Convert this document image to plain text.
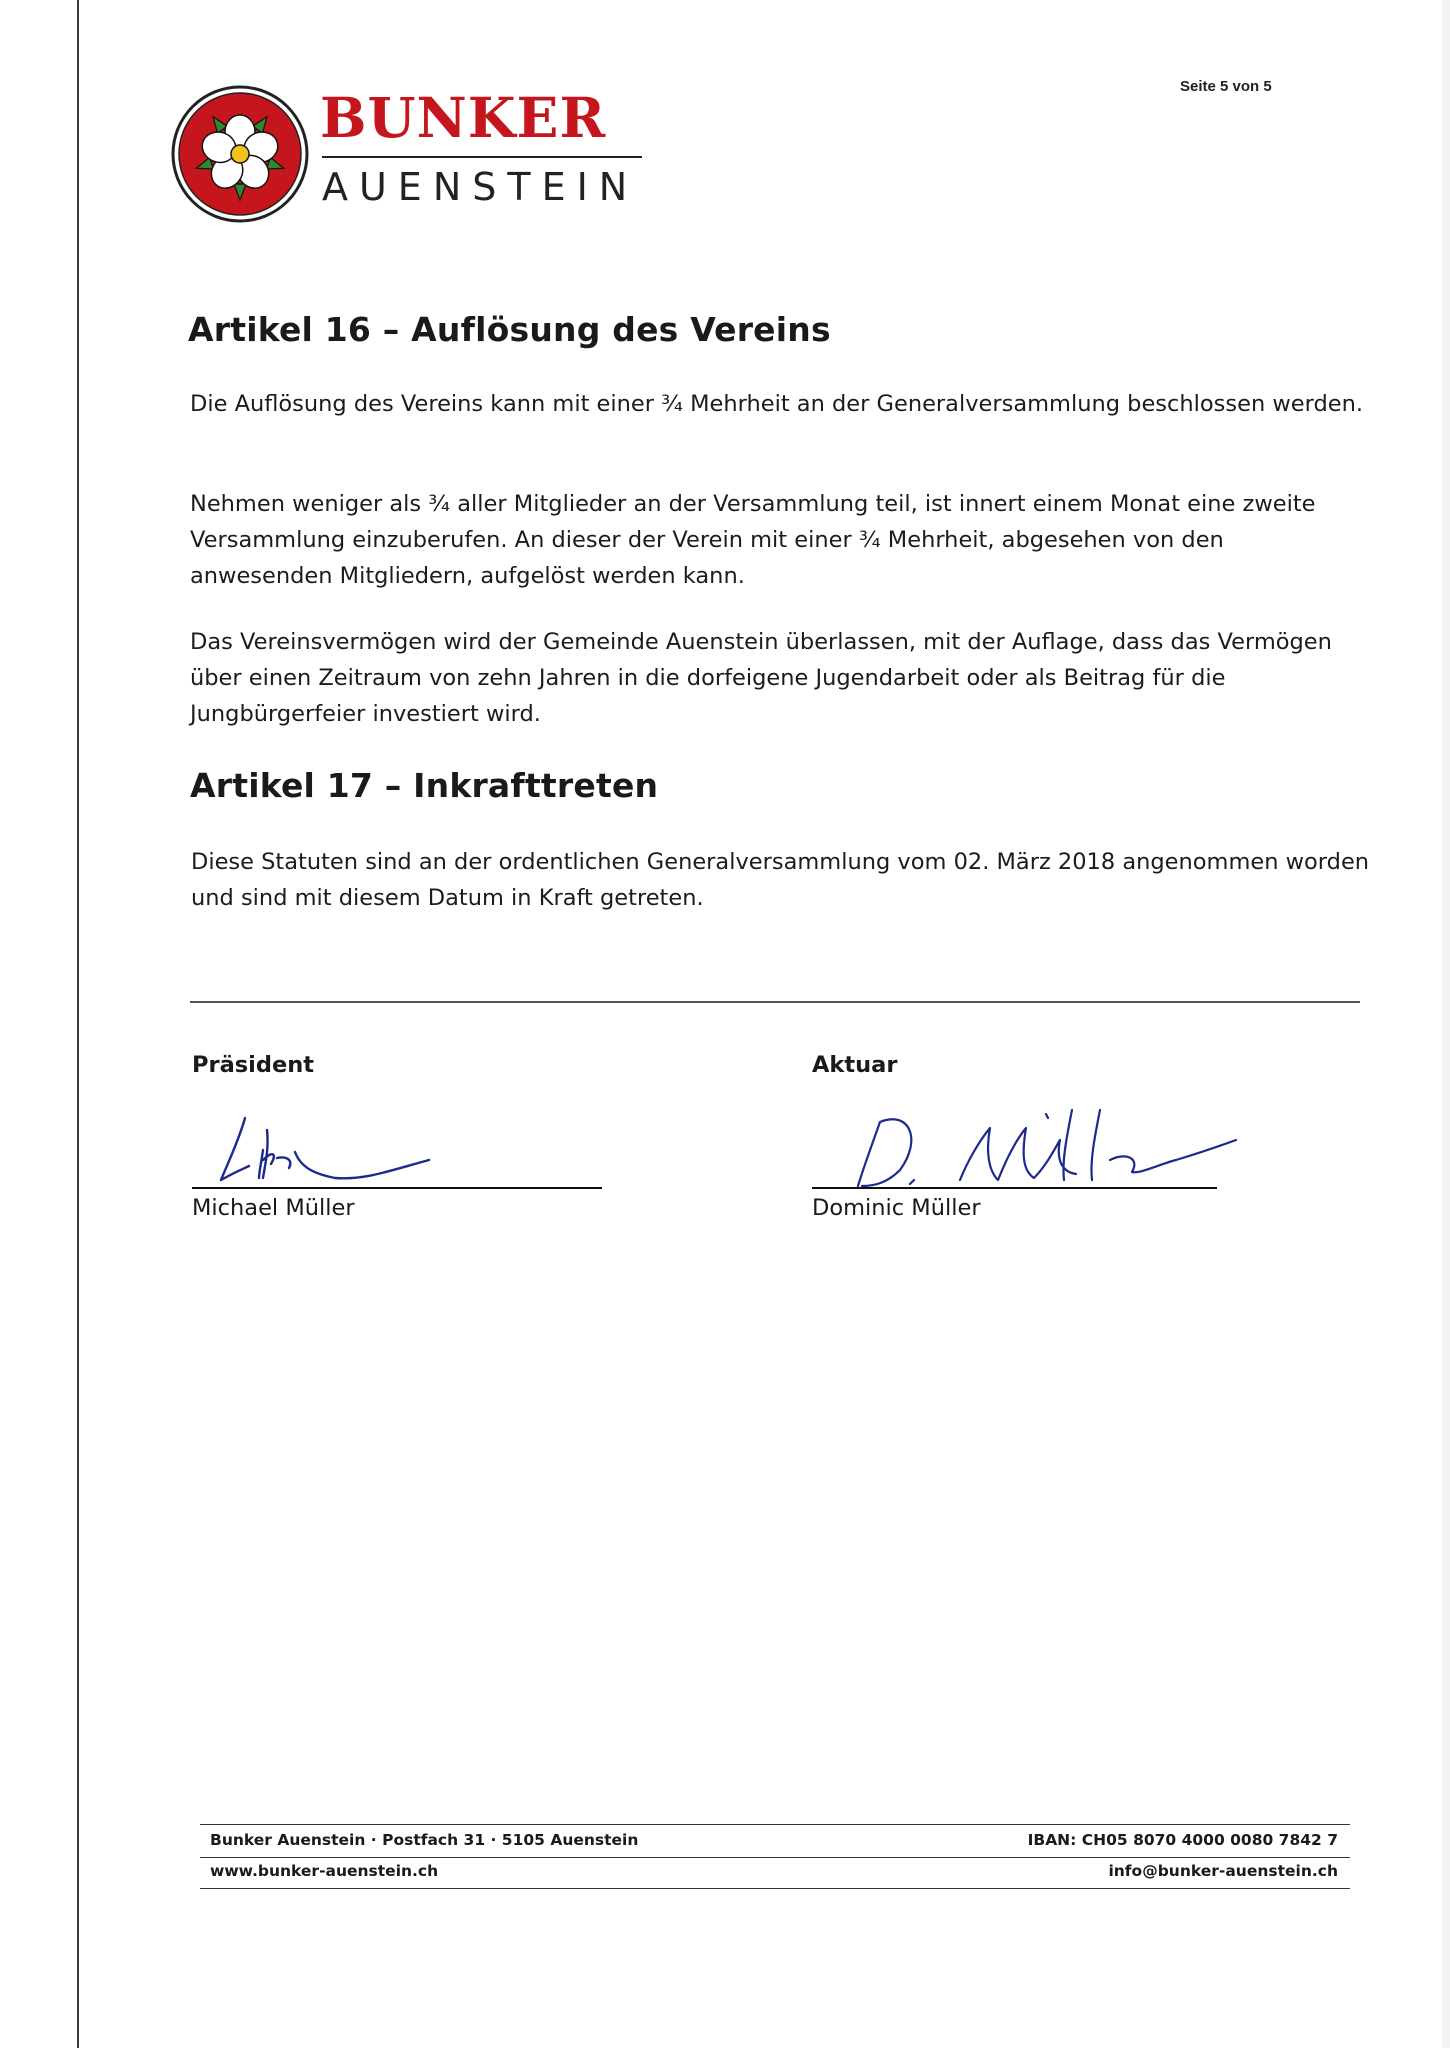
BUNKER
AUENSTEIN
Seite 5 von 5
Artikel 16 – Auflösung des Vereins

Die Auflösung des Vereins kann mit einer ¾ Mehrheit an der Generalversammlung beschlossen werden.

Nehmen weniger als ¾ aller Mitglieder an der Versammlung teil, ist innert einem Monat eine zweite Versammlung einzuberufen. An dieser der Verein mit einer ¾ Mehrheit, abgesehen von den anwesenden Mitgliedern, aufgelöst werden kann.

Das Vereinsvermögen wird der Gemeinde Auenstein überlassen, mit der Auflage, dass das Vermögen über einen Zeitraum von zehn Jahren in die dorfeigene Jugendarbeit oder als Beitrag für die Jungbürgerfeier investiert wird.

Artikel 17 – Inkrafttreten

Diese Statuten sind an der ordentlichen Generalversammlung vom 02. März 2018 angenommen worden und sind mit diesem Datum in Kraft getreten.

Präsident
Michael Müller
Aktuar
Dominic Müller
Bunker Auenstein · Postfach 31 · 5105 Auenstein	IBAN: CH05 8070 4000 0080 7842 7
www.bunker-auenstein.ch	info@bunker-auenstein.ch
